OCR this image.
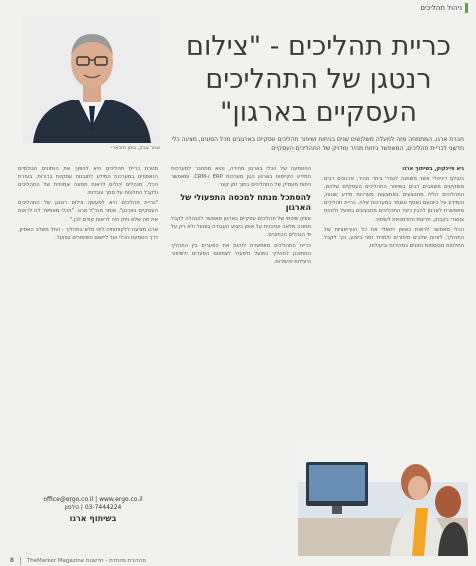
ניהול תהליכים
שחר צבק, ביתן פזכארי
כריית תהליכים - "צילום רנטגן של התהליכים העסקיים בארגון"

חברת ארגו, המתמחה מזה למעלה משלושים שנים בניתוח ושיפור תהליכים עסקיים בארגונים מכל הסוגים, מציגה כלי חדשני לכריית תהליכים, המאפשר ניתוח מהיר ומדויק של התהליכים העסקיים

גיא פיינקוק, בשיתוף ארגו

בעולם דיגיטלי אשר משתנה לגמרי ביתר מהיר, ארגונים רבים משקיעים משאבים רבים בשיפור התהליכים העסקיים שלהם. התהליכים הללו מתבצעים באמצעות מערכות מידע שונות, והמידע על ביצועם נאסף ונשמר במערכות אלה. כריית תהליכים מאפשרת לארגון להבין כיצד התהליכים מתבצעים בפועל ולזהות צווארי בקבוק, חריגות והזדמנויות לשיפור.

הכלי מאפשר לראות באופן ויזואלי את כל הווריאציות של התהליך, לזהות שלבים מיותרים ולמדוד זמני ביצוע, וכך לקבל החלטות מבוססות נתונים במהירות וביעילות.

ההטמעה של הכלי בארגון מהירה, והוא מתחבר למערכות המידע הקיימות בארגון כגון מערכות ERP ו-CRM, ומאפשר ניתוח מעמיק של התהליכים בתוך זמן קצר.

להסתכל מנתח למכסה התפעולי של הארגון

אפיון שיטתי של תהליכים עסקיים בארגון מאפשר להנהלה לקבל תמונה מלאה ועדכנית על אופן ביצוע העבודה בפועל ולא רק על פי הנהלים הכתובים.

כריית התהליכים מאפשרת לזהות את הפערים בין התהליך המתוכנן לתהליך בפועל ולפעול לצמצום הפערים ולשיפור היעילות והשירות.

מטרת כריית תהליכים היא להפוך את הנתונים הגולמיים הנאספים במערכות המידע לתובנות עסקיות ברורות. בעזרת הכלי, מנהלים יכולים לראות תמונה אמיתית של התהליכים ולקבל החלטות על סמך עובדות.

"כריית תהליכים היא למעשה צילום רנטגן של התהליכים העסקיים בארגון", אומר מנכ"ל ארגו. "הכלי מאפשר לנו לראות את מה שלא ניתן היה לראות קודם לכן."

ארגו מציעה ללקוחותיה ליווי מלא בתהליך - החל משלב האפיון, דרך הטמעת הכלי ועד ליישום השיפורים בפועל.

office@ergo.co.il | www.ergo.co.il
03-7444224 | טלפון
בשיתוף ארגו
מהדורת מיוחדת - חדשנות TheMarker Magazine
8
